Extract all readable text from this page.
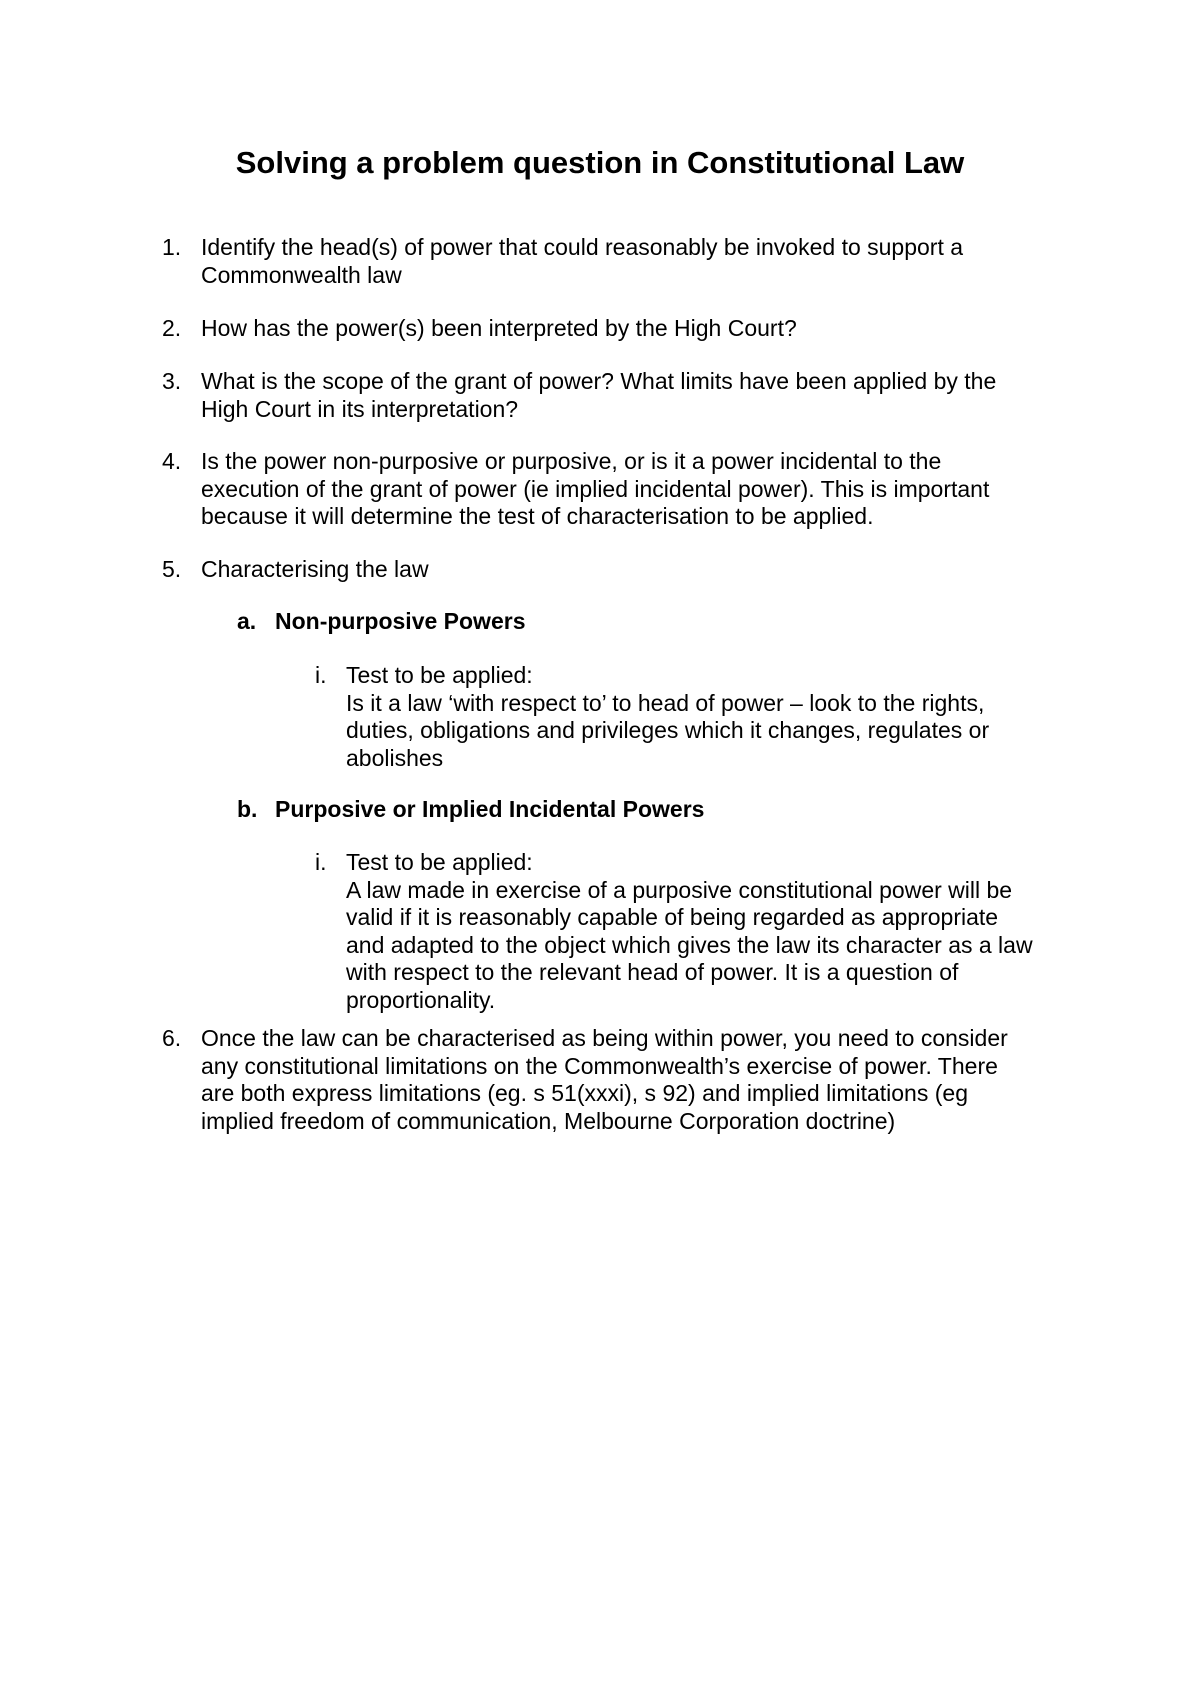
Solving a problem question in Constitutional Law
1. Identify the head(s) of power that could reasonably be invoked to support a
Commonwealth law
2. How has the power(s) been interpreted by the High Court?
3. What is the scope of the grant of power? What limits have been applied by the
High Court in its interpretation?
4. Is the power non-purposive or purposive, or is it a power incidental to the
execution of the grant of power (ie implied incidental power). This is important
because it will determine the test of characterisation to be applied.
5. Characterising the law
a. Non-purposive Powers
i. Test to be applied:
Is it a law ‘with respect to’ to head of power – look to the rights,
duties, obligations and privileges which it changes, regulates or
abolishes
b. Purposive or Implied Incidental Powers
i. Test to be applied:
A law made in exercise of a purposive constitutional power will be
valid if it is reasonably capable of being regarded as appropriate
and adapted to the object which gives the law its character as a law
with respect to the relevant head of power. It is a question of
proportionality.
6. Once the law can be characterised as being within power, you need to consider
any constitutional limitations on the Commonwealth’s exercise of power. There
are both express limitations (eg. s 51(xxxi), s 92) and implied limitations (eg
implied freedom of communication, Melbourne Corporation doctrine)
